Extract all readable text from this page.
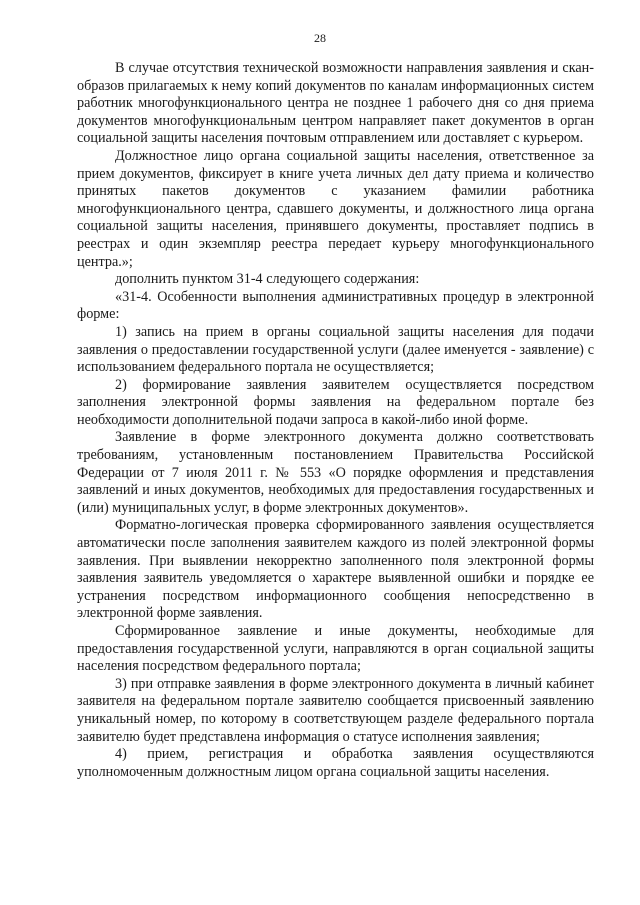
28

В случае отсутствия технической возможности направления заявления и скан-образов прилагаемых к нему копий документов по каналам информационных систем работник многофункционального центра не позднее 1 рабочего дня со дня приема документов многофункциональным центром направляет пакет документов в орган социальной защиты населения почтовым отправлением или доставляет с курьером.

Должностное лицо органа социальной защиты населения, ответственное за прием документов, фиксирует в книге учета личных дел дату приема и количество принятых пакетов документов с указанием фамилии работника многофункционального центра, сдавшего документы, и должностного лица органа социальной защиты населения, принявшего документы, проставляет подпись в реестрах и один экземпляр реестра передает курьеру многофункционального центра.»;

дополнить пунктом 31-4 следующего содержания:

«31-4. Особенности выполнения административных процедур в электронной форме:

1) запись на прием в органы социальной защиты населения для подачи заявления о предоставлении государственной услуги (далее именуется - заявление) с использованием федерального портала не осуществляется;

2) формирование заявления заявителем осуществляется посредством заполнения электронной формы заявления на федеральном портале без необходимости дополнительной подачи запроса в какой-либо иной форме.

Заявление в форме электронного документа должно соответствовать требованиям, установленным постановлением Правительства Российской Федерации от 7 июля 2011 г. № 553 «О порядке оформления и представления заявлений и иных документов, необходимых для предоставления государственных и (или) муниципальных услуг, в форме электронных документов».

Форматно-логическая проверка сформированного заявления осуществляется автоматически после заполнения заявителем каждого из полей электронной формы заявления. При выявлении некорректно заполненного поля электронной формы заявления заявитель уведомляется о характере выявленной ошибки и порядке ее устранения посредством информационного сообщения непосредственно в электронной форме заявления.

Сформированное заявление и иные документы, необходимые для предоставления государственной услуги, направляются в орган социальной защиты населения посредством федерального портала;

3) при отправке заявления в форме электронного документа в личный кабинет заявителя на федеральном портале заявителю сообщается присвоенный заявлению уникальный номер, по которому в соответствующем разделе федерального портала заявителю будет представлена информация о статусе исполнения заявления;

4) прием, регистрация и обработка заявления осуществляются уполномоченным должностным лицом органа социальной защиты населения.
